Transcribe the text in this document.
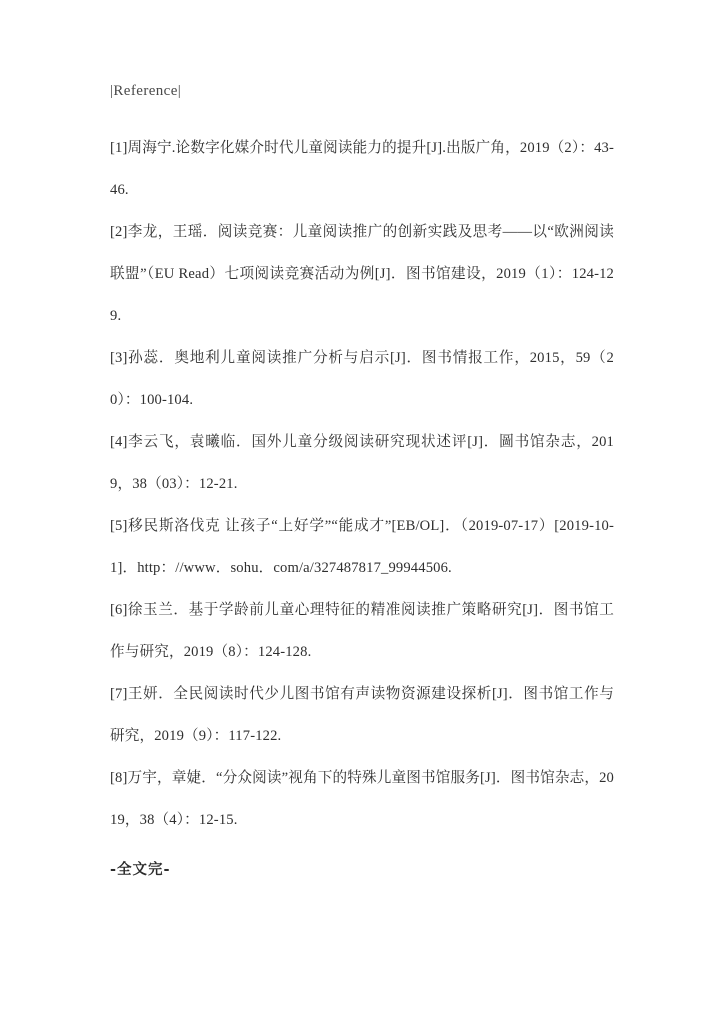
|Reference|

[1]周海宁.论数字化媒介时代儿童阅读能力的提升[J].出版广角，2019（2）：43-46.

[2]李龙，王瑶．阅读竞赛：儿童阅读推广的创新实践及思考——以“欧洲阅读联盟”（EU Read）七项阅读竞赛活动为例[J]．图书馆建设，2019（1）：124-129.

[3]孙蕊．奥地利儿童阅读推广分析与启示[J]．图书情报工作，2015，59（20）：100-104.

[4]李云飞，袁曦临．国外儿童分级阅读研究现状述评[J]．圖书馆杂志，2019，38（03）：12-21.

[5]移民斯洛伐克 让孩子“上好学”“能成才”[EB/OL]．（2019-07-17）[2019-10-1]．http：//www．sohu．com/a/327487817_99944506.

[6]徐玉兰．基于学龄前儿童心理特征的精准阅读推广策略研究[J]．图书馆工作与研究，2019（8）：124-128.

[7]王妍．全民阅读时代少儿图书馆有声读物资源建设探析[J]．图书馆工作与研究，2019（9）：117-122.

[8]万宇，章婕．“分众阅读”视角下的特殊儿童图书馆服务[J]．图书馆杂志，2019，38（4）：12-15.

-全文完-
